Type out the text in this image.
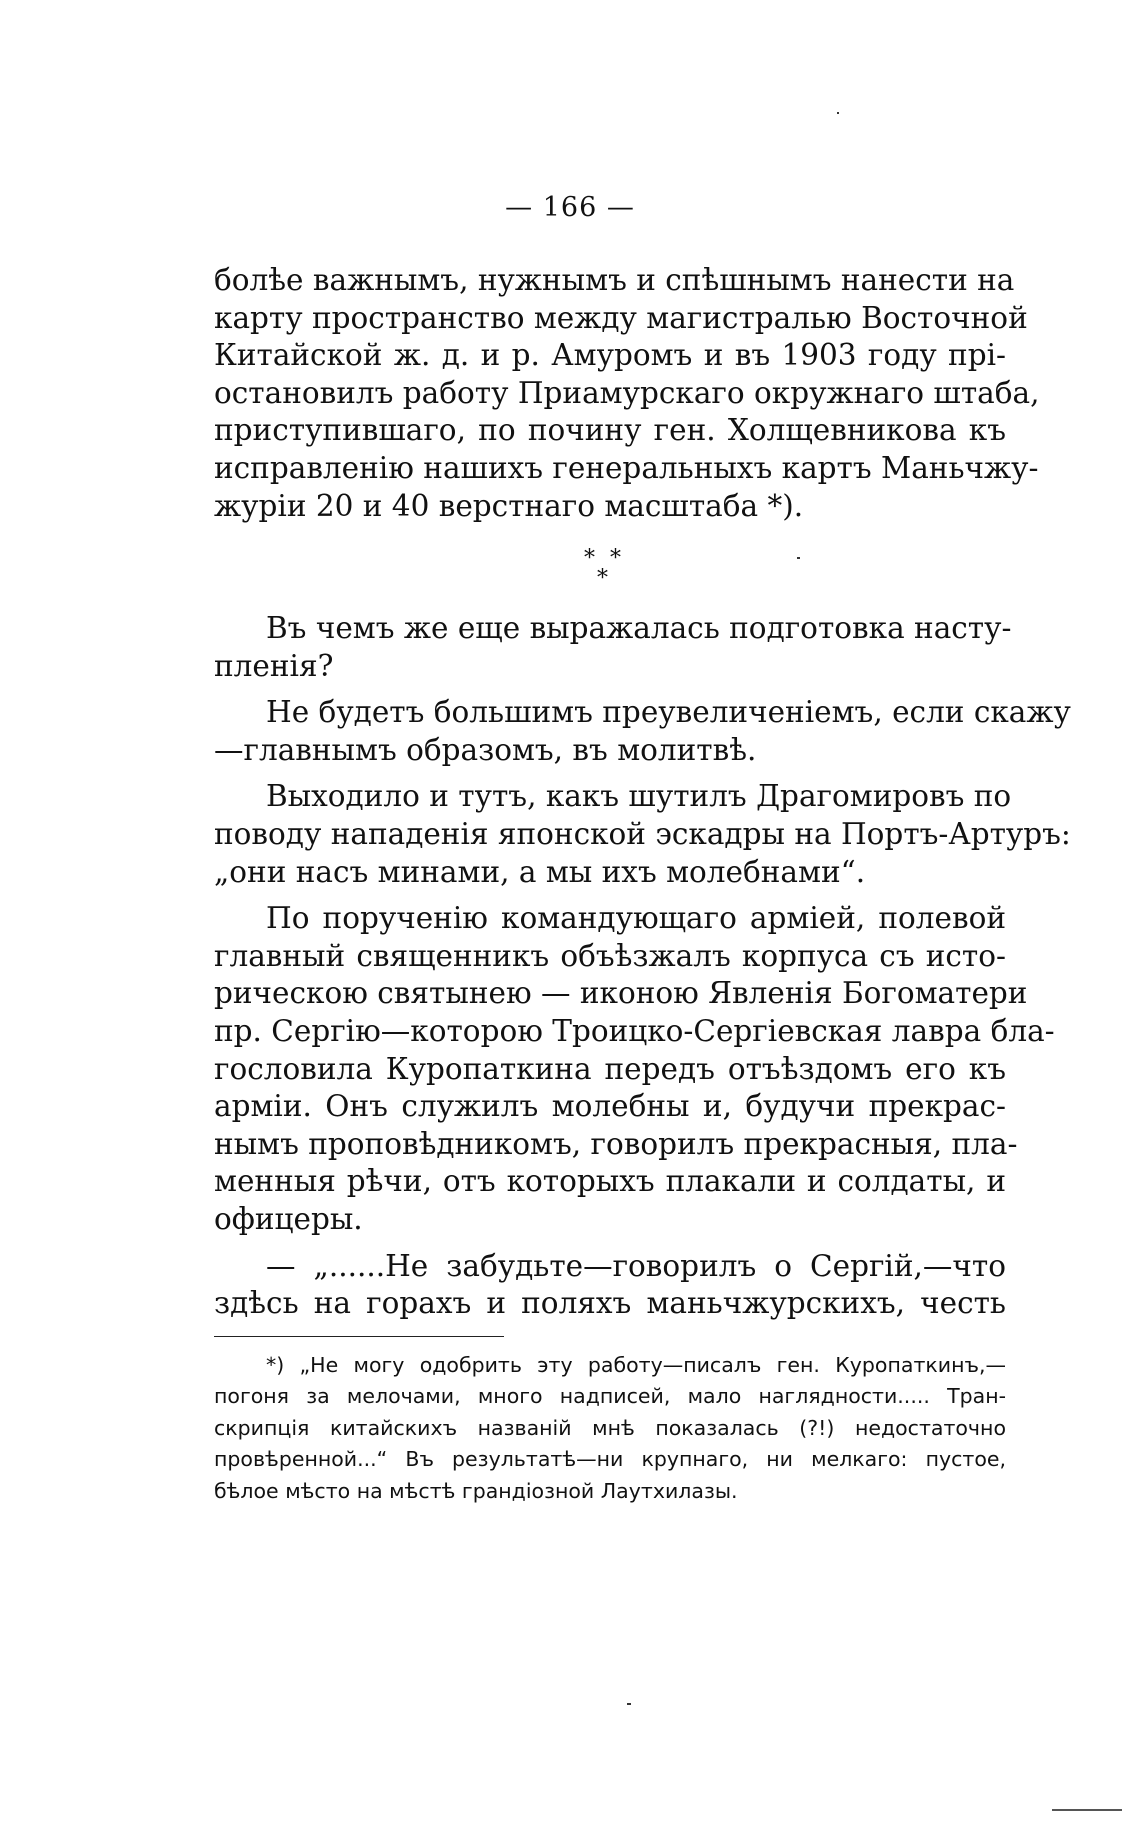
— 166 —
болѣе важнымъ, нужнымъ и спѣшнымъ нанести на
карту пространство между магистралью Восточной
Китайской ж. д. и р. Амуромъ и въ 1903 году прі-
остановилъ работу Приамурскаго окружнаго штаба,
приступившаго, по почину ген. Холщевникова къ
исправленію нашихъ генеральныхъ картъ Маньчжу-
журіи 20 и 40 верстнаго масштаба *).
* *
*
Въ чемъ же еще выражалась подготовка насту-
пленія?
Не будетъ большимъ преувеличеніемъ, если скажу
—главнымъ образомъ, въ молитвѣ.
Выходило и тутъ, какъ шутилъ Драгомировъ по
поводу нападенія японской эскадры на Портъ-Артуръ:
„они насъ минами, а мы ихъ молебнами“.
По порученію командующаго арміей, полевой
главный священникъ объѣзжалъ корпуса съ исто-
рическою святынею — иконою Явленія Богоматери
пр. Сергію—которою Троицко-Сергіевская лавра бла-
гословила Куропаткина передъ отъѣздомъ его къ
арміи. Онъ служилъ молебны и, будучи прекрас-
нымъ проповѣдникомъ, говорилъ прекрасныя, пла-
менныя рѣчи, отъ которыхъ плакали и солдаты, и
офицеры.
— „......Не забудьте—говорилъ о Сергій,—что
здѣсь на горахъ и поляхъ маньчжурскихъ, честь
*) „Не могу одобрить эту работу—писалъ ген. Куропаткинъ,—
погоня за мелочами, много надписей, мало наглядности..... Тран-
скрипція китайскихъ названій мнѣ показалась (?!) недостаточно
провѣренной...“ Въ результатѣ—ни крупнаго, ни мелкаго: пустое,
бѣлое мѣсто на мѣстѣ грандіозной Лаутхилазы.
